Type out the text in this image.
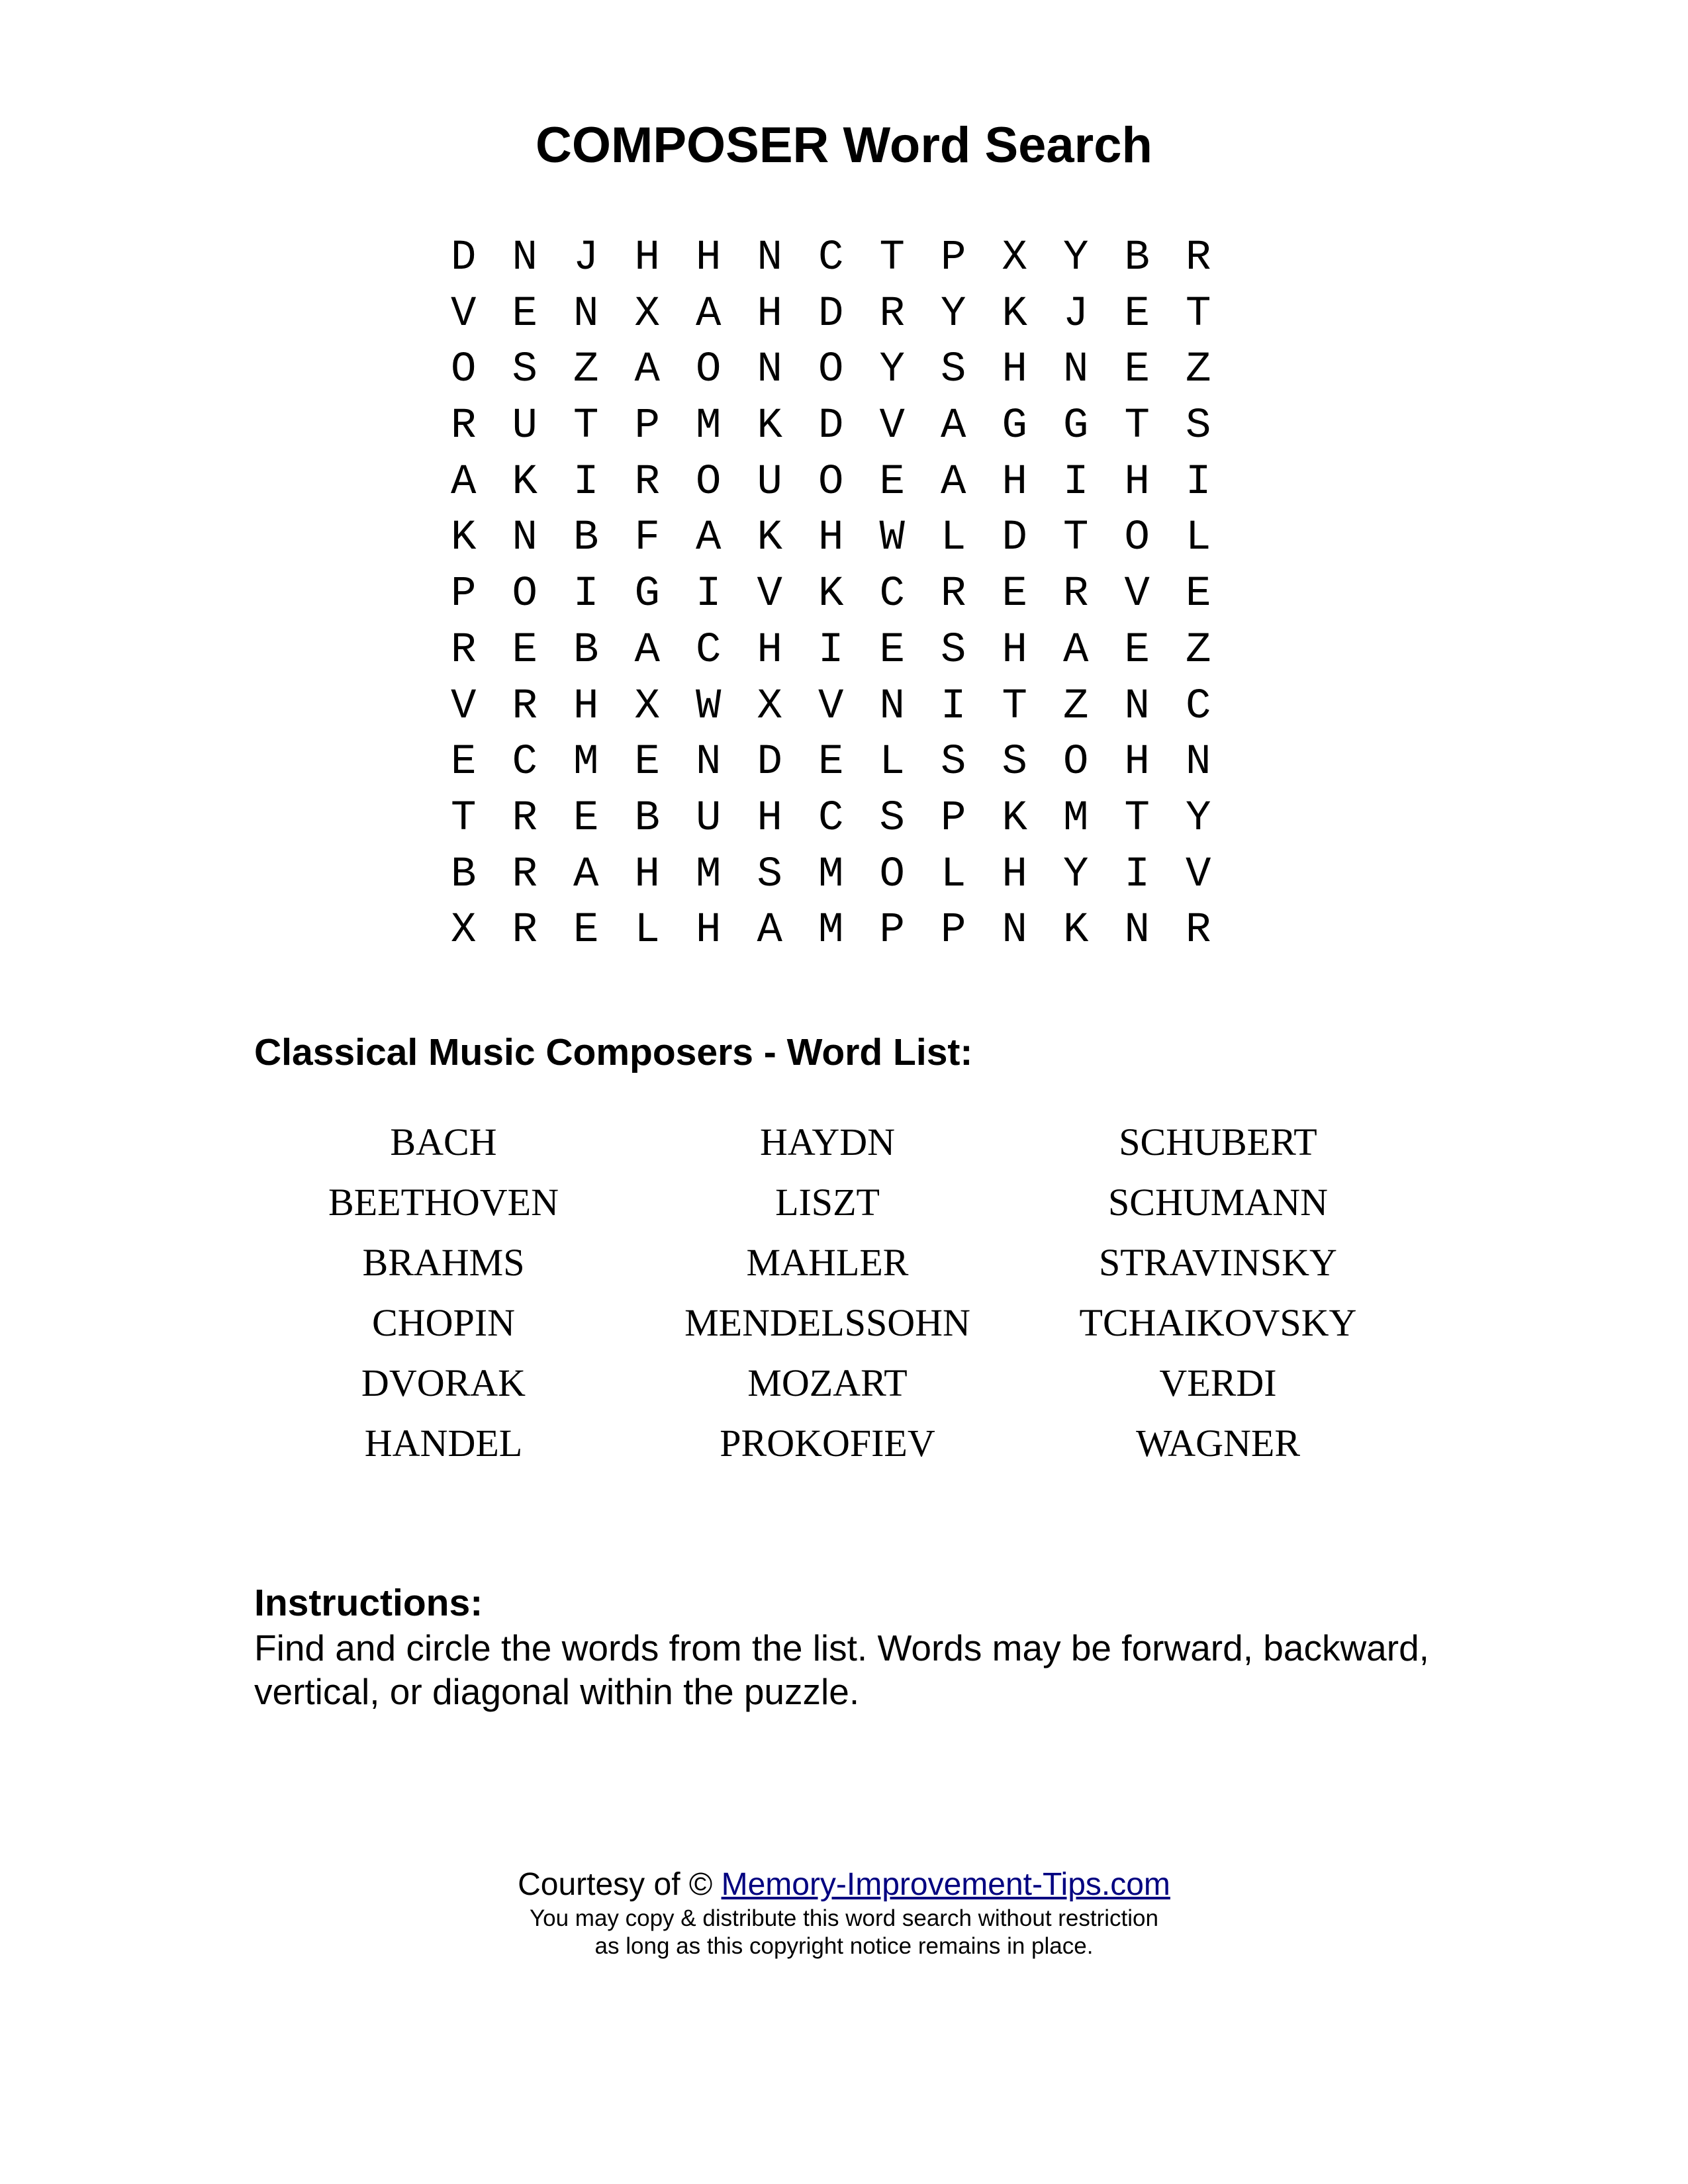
COMPOSER Word Search
D N J H H N C T P X Y B R
V E N X A H D R Y K J E T
O S Z A O N O Y S H N E Z
R U T P M K D V A G G T S
A K I R O U O E A H I H I
K N B F A K H W L D T O L
P O I G I V K C R E R V E
R E B A C H I E S H A E Z
V R H X W X V N I T Z N C
E C M E N D E L S S O H N
T R E B U H C S P K M T Y
B R A H M S M O L H Y I V
X R E L H A M P P N K N R
Classical Music Composers - Word List:
BACH
BEETHOVEN
BRAHMS
CHOPIN
DVORAK
HANDEL
HAYDN
LISZT
MAHLER
MENDELSSOHN
MOZART
PROKOFIEV
SCHUBERT
SCHUMANN
STRAVINSKY
TCHAIKOVSKY
VERDI
WAGNER
Instructions:
Find and circle the words from the list. Words may be forward, backward, vertical, or diagonal within the puzzle.
Courtesy of © Memory-Improvement-Tips.com
You may copy & distribute this word search without restriction
as long as this copyright notice remains in place.
